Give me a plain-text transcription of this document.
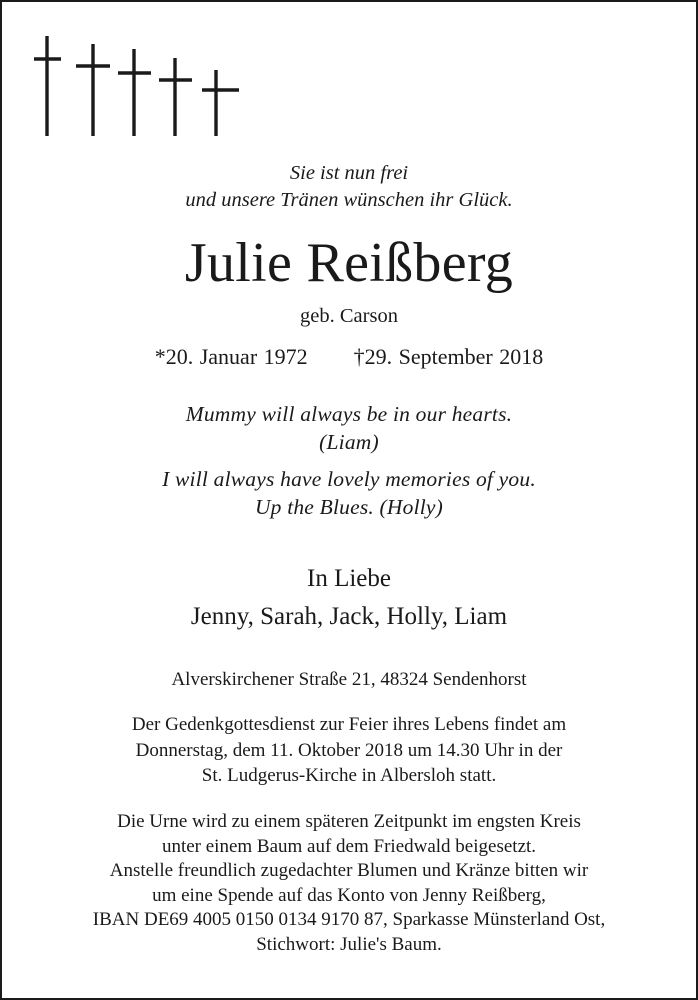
Sie ist nun frei
und unsere Tränen wünschen ihr Glück.
Julie Reißberg
geb. Carson
*20. Januar 1972 †29. September 2018
Mummy will always be in our hearts.
(Liam)
I will always have lovely memories of you.
Up the Blues. (Holly)
In Liebe
Jenny, Sarah, Jack, Holly, Liam
Alverskirchener Straße 21, 48324 Sendenhorst
Der Gedenkgottesdienst zur Feier ihres Lebens findet am
Donnerstag, dem 11. Oktober 2018 um 14.30 Uhr in der
St. Ludgerus-Kirche in Albersloh statt.
Die Urne wird zu einem späteren Zeitpunkt im engsten Kreis
unter einem Baum auf dem Friedwald beigesetzt.
Anstelle freundlich zugedachter Blumen und Kränze bitten wir
um eine Spende auf das Konto von Jenny Reißberg,
IBAN DE69 4005 0150 0134 9170 87, Sparkasse Münsterland Ost,
Stichwort: Julie's Baum.
